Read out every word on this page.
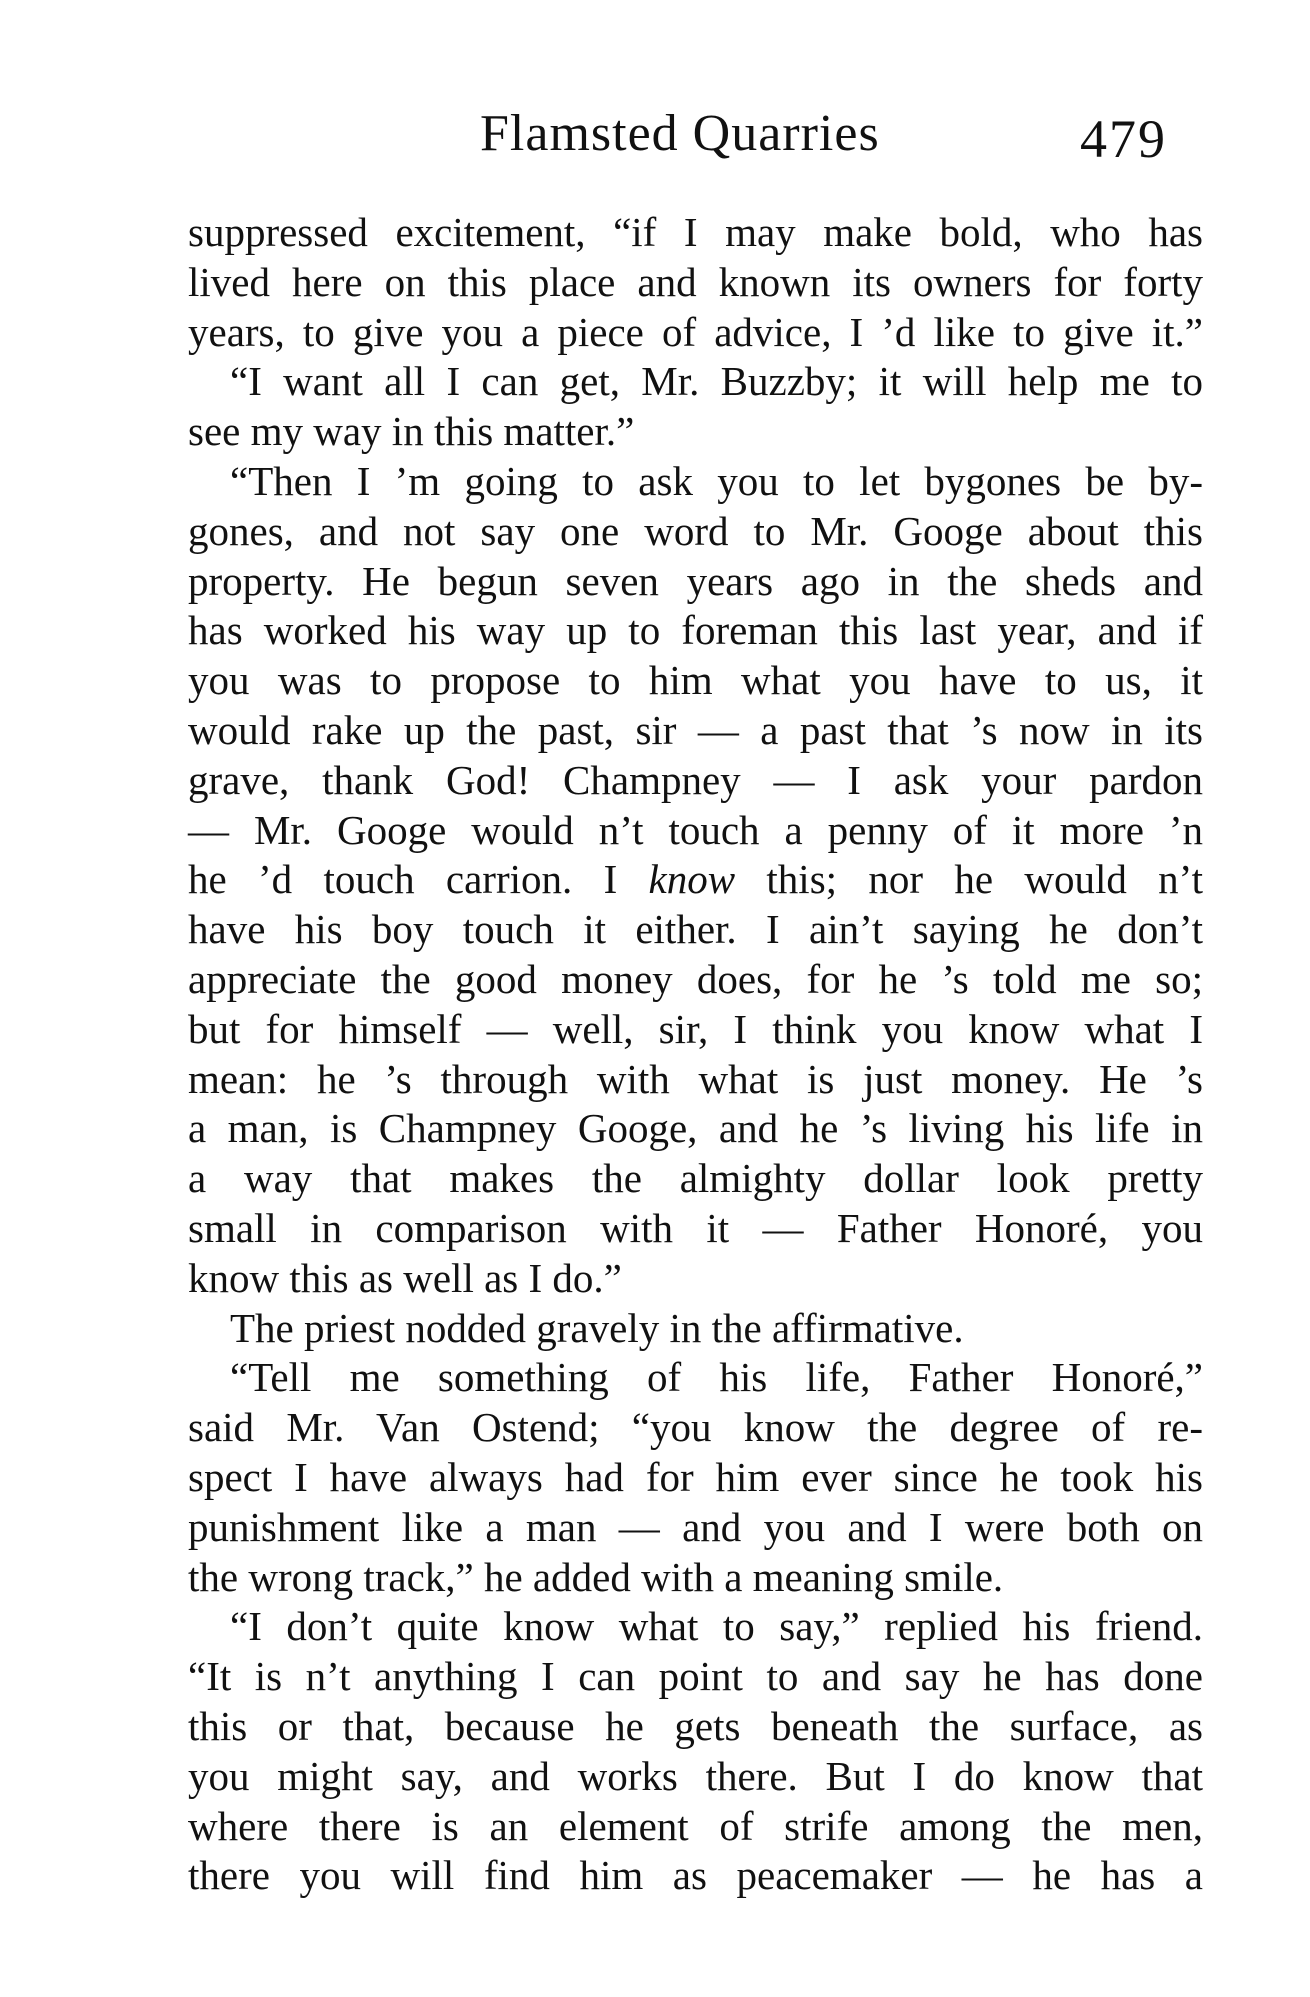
Flamsted Quarries	479
suppressed excitement, “if I may make bold, who has
lived here on this place and known its owners for forty
years, to give you a piece of advice, I ’d like to give it.”
“I want all I can get, Mr. Buzzby; it will help me to
see my way in this matter.”
“Then I ’m going to ask you to let bygones be by-
gones, and not say one word to Mr. Googe about this
property. He begun seven years ago in the sheds and
has worked his way up to foreman this last year, and if
you was to propose to him what you have to us, it
would rake up the past, sir — a past that ’s now in its
grave, thank God! Champney — I ask your pardon
— Mr. Googe would n’t touch a penny of it more ’n
he ’d touch carrion. I know this; nor he would n’t
have his boy touch it either. I ain’t saying he don’t
appreciate the good money does, for he ’s told me so;
but for himself — well, sir, I think you know what I
mean: he ’s through with what is just money. He ’s
a man, is Champney Googe, and he ’s living his life in
a way that makes the almighty dollar look pretty
small in comparison with it — Father Honoré, you
know this as well as I do.”
The priest nodded gravely in the affirmative.
“Tell me something of his life, Father Honoré,”
said Mr. Van Ostend; “you know the degree of re-
spect I have always had for him ever since he took his
punishment like a man — and you and I were both on
the wrong track,” he added with a meaning smile.
“I don’t quite know what to say,” replied his friend.
“It is n’t anything I can point to and say he has done
this or that, because he gets beneath the surface, as
you might say, and works there. But I do know that
where there is an element of strife among the men,
there you will find him as peacemaker — he has a
